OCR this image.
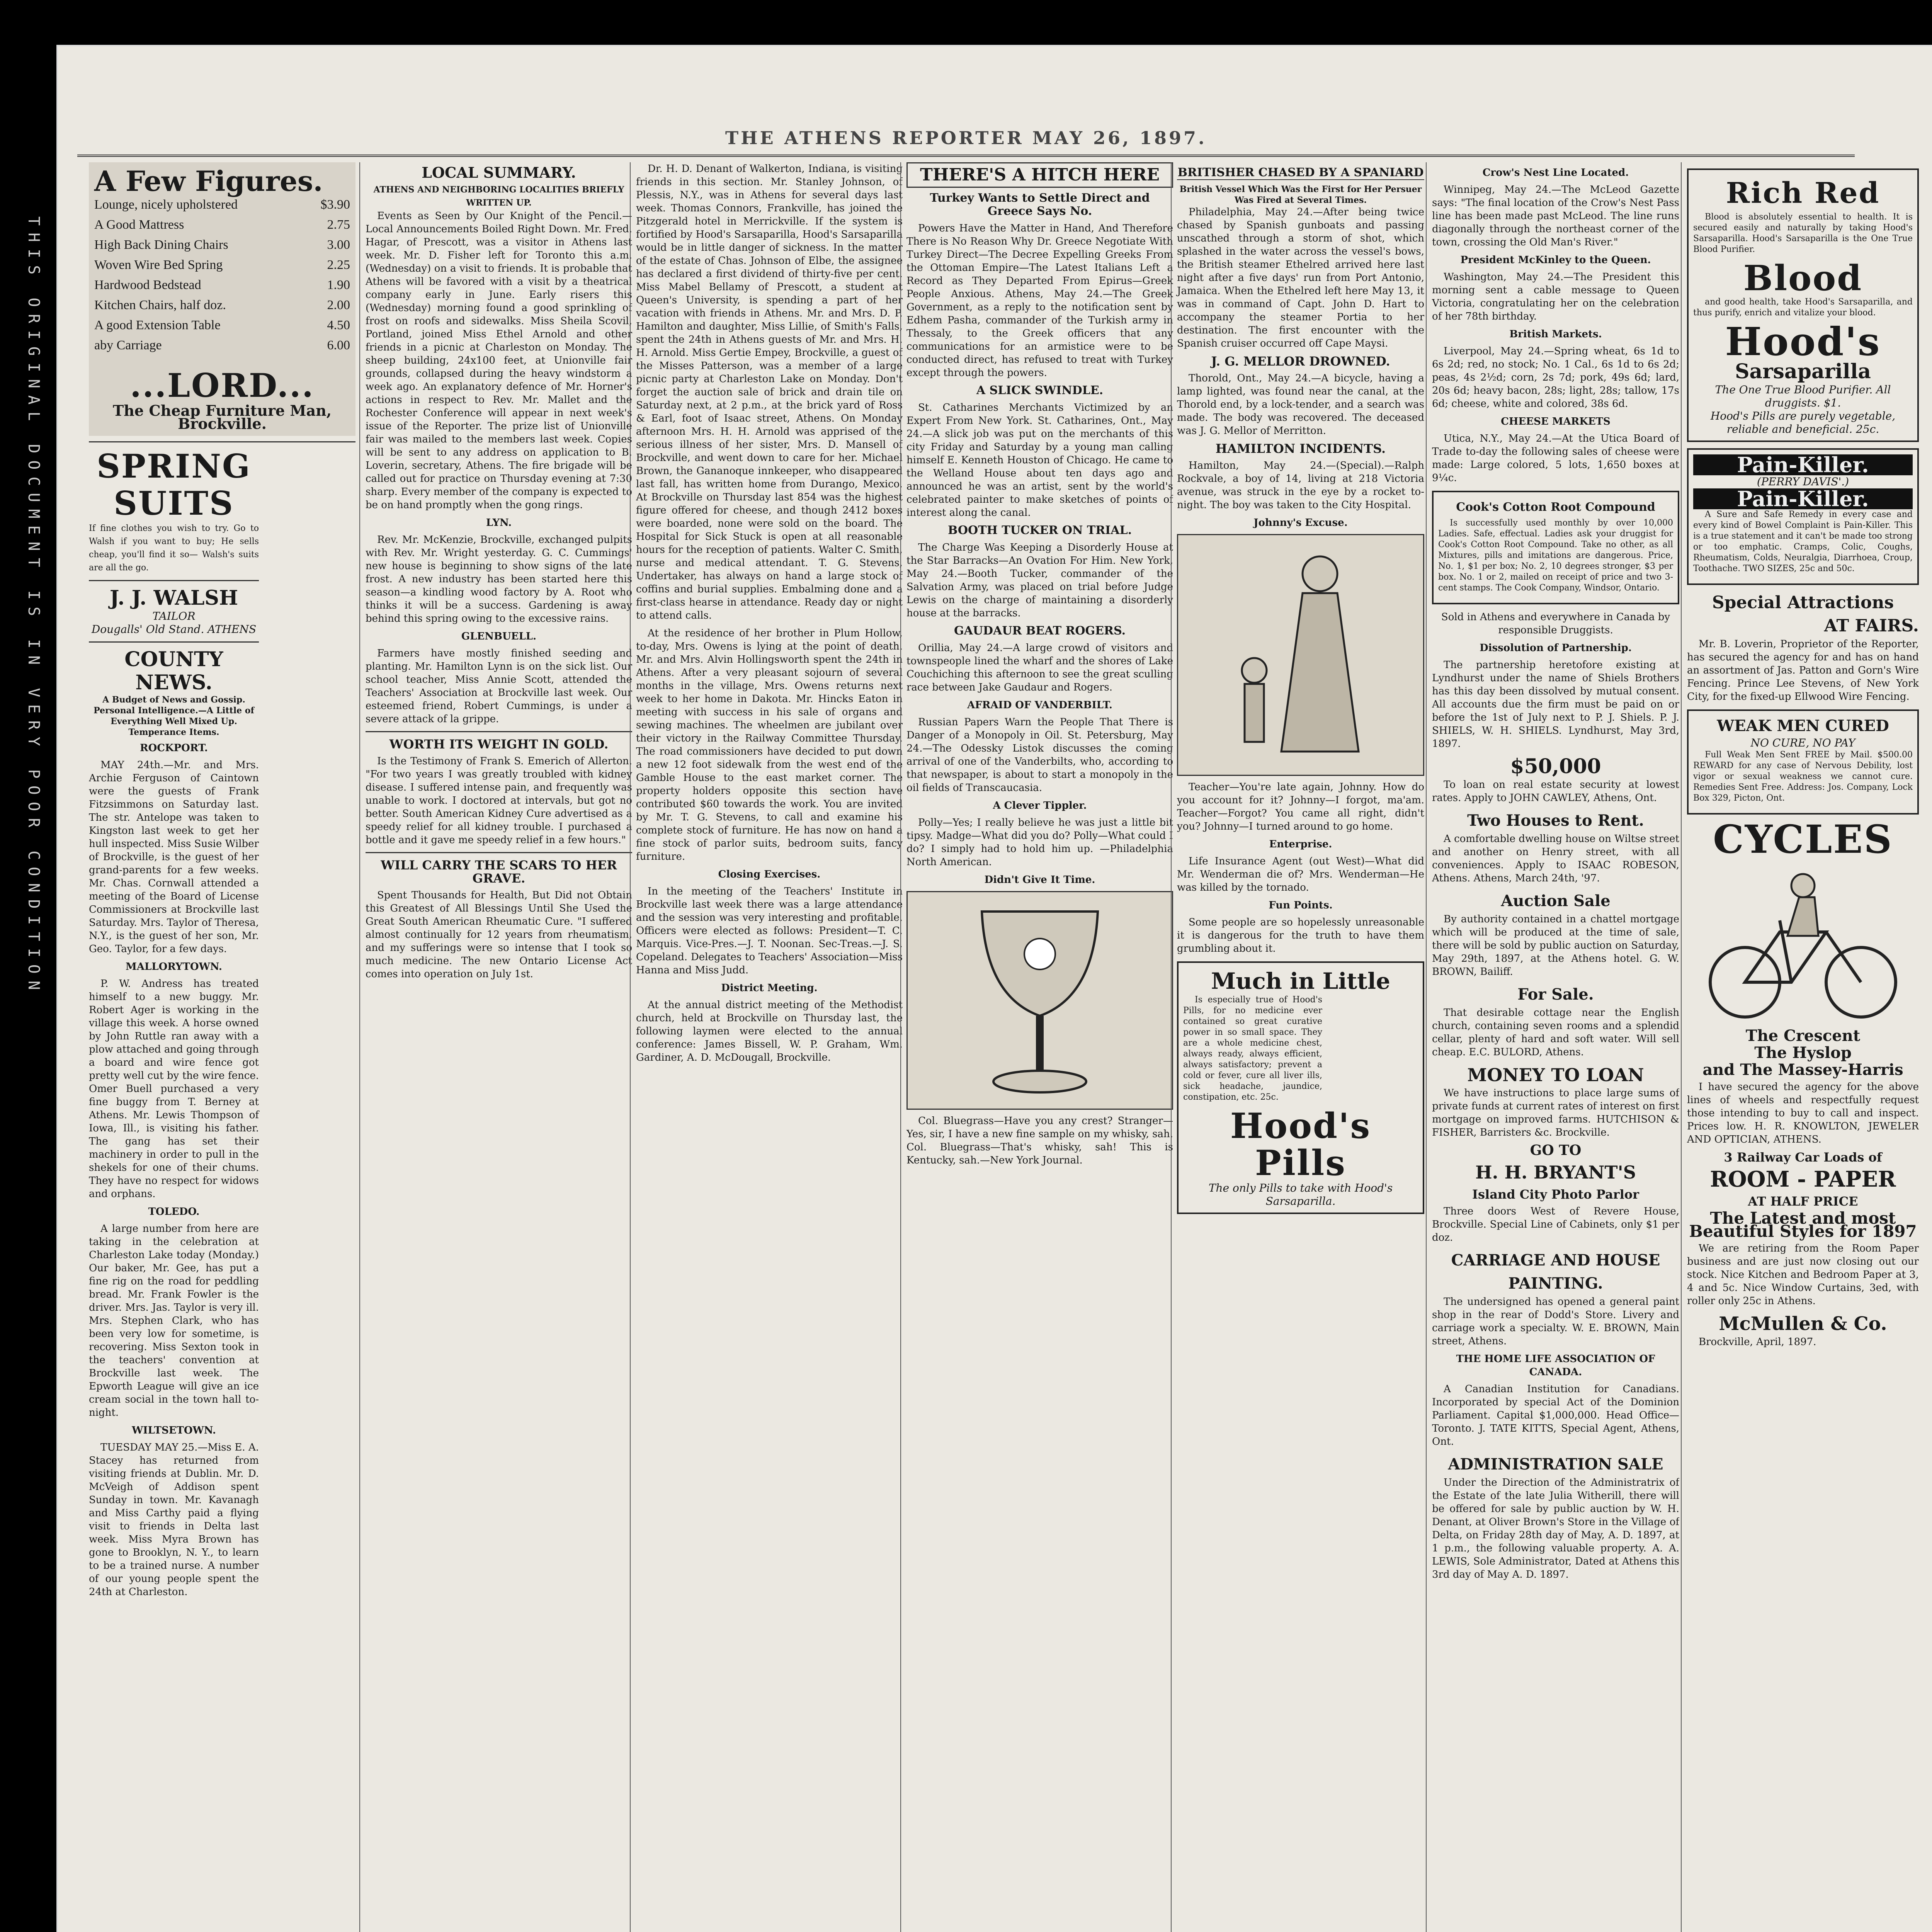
THIS ORIGINAL DOCUMENT IS IN VERY POOR CONDITION
THE ATHENS REPORTER MAY 26, 1897.
A Few Figures.
Lounge, nicely upholstered	$3.90
A Good Mattress	2.75
High Back Dining Chairs	3.00
Woven Wire Bed Spring	2.25
Hardwood Bedstead	1.90
Kitchen Chairs, half doz.	2.00
A good Extension Table	4.50
aby Carriage	6.00
...LORD...
The Cheap Furniture Man, Brockville.
SPRING
SUITS

If fine clothes you wish to try. Go to Walsh if you want to buy; He sells cheap, you'll find it so— Walsh's suits are all the go.

J. J. WALSH
TAILOR
Dougalls' Old Stand. ATHENS
COUNTY NEWS.
A Budget of News and Gossip. Personal Intelligence.—A Little of Everything Well Mixed Up. Temperance Items.
ROCKPORT.

MAY 24th.—Mr. and Mrs. Archie Ferguson of Caintown were the guests of Frank Fitzsimmons on Saturday last. The str. Antelope was taken to Kingston last week to get her hull inspected. Miss Susie Wilber of Brockville, is the guest of her grand-parents for a few weeks. Mr. Chas. Cornwall attended a meeting of the Board of License Commissioners at Brockville last Saturday. Mrs. Taylor of Theresa, N.Y., is the guest of her son, Mr. Geo. Taylor, for a few days.

MALLORYTOWN.

P. W. Andress has treated himself to a new buggy. Mr. Robert Ager is working in the village this week. A horse owned by John Ruttle ran away with a plow attached and going through a board and wire fence got pretty well cut by the wire fence. Omer Buell purchased a very fine buggy from T. Berney at Athens. Mr. Lewis Thompson of Iowa, Ill., is visiting his father. The gang has set their machinery in order to pull in the shekels for one of their chums. They have no respect for widows and orphans.

TOLEDO.

A large number from here are taking in the celebration at Charleston Lake today (Monday.) Our baker, Mr. Gee, has put a fine rig on the road for peddling bread. Mr. Frank Fowler is the driver. Mrs. Jas. Taylor is very ill. Mrs. Stephen Clark, who has been very low for sometime, is recovering. Miss Sexton took in the teachers' convention at Brockville last week. The Epworth League will give an ice cream social in the town hall to-night.

WILTSETOWN.

TUESDAY MAY 25.—Miss E. A. Stacey has returned from visiting friends at Dublin. Mr. D. McVeigh of Addison spent Sunday in town. Mr. Kavanagh and Miss Carthy paid a flying visit to friends in Delta last week. Miss Myra Brown has gone to Brooklyn, N. Y., to learn to be a trained nurse. A number of our young people spent the 24th at Charleston.

LOCAL SUMMARY.
ATHENS AND NEIGHBORING LOCALITIES BRIEFLY WRITTEN UP.

Events as Seen by Our Knight of the Pencil.—Local Announcements Boiled Right Down. Mr. Fred. Hagar, of Prescott, was a visitor in Athens last week. Mr. D. Fisher left for Toronto this a.m. (Wednesday) on a visit to friends. It is probable that Athens will be favored with a visit by a theatrical company early in June. Early risers this (Wednesday) morning found a good sprinkling of frost on roofs and sidewalks. Miss Sheila Scovil, Portland, joined Miss Ethel Arnold and other friends in a picnic at Charleston on Monday. The sheep building, 24x100 feet, at Unionville fair grounds, collapsed during the heavy windstorm a week ago. An explanatory defence of Mr. Horner's actions in respect to Rev. Mr. Mallet and the Rochester Conference will appear in next week's issue of the Reporter. The prize list of Unionville fair was mailed to the members last week. Copies will be sent to any address on application to B. Loverin, secretary, Athens. The fire brigade will be called out for practice on Thursday evening at 7:30 sharp. Every member of the company is expected to be on hand promptly when the gong rings.

LYN.

Rev. Mr. McKenzie, Brockville, exchanged pulpits with Rev. Mr. Wright yesterday. G. C. Cummings' new house is beginning to show signs of the late frost. A new industry has been started here this season—a kindling wood factory by A. Root who thinks it will be a success. Gardening is away behind this spring owing to the excessive rains.

GLENBUELL.

Farmers have mostly finished seeding and planting. Mr. Hamilton Lynn is on the sick list. Our school teacher, Miss Annie Scott, attended the Teachers' Association at Brockville last week. Our esteemed friend, Robert Cummings, is under a severe attack of la grippe.

WORTH ITS WEIGHT IN GOLD.

Is the Testimony of Frank S. Emerich of Allerton. "For two years I was greatly troubled with kidney disease. I suffered intense pain, and frequently was unable to work. I doctored at intervals, but got no better. South American Kidney Cure advertised as a speedy relief for all kidney trouble. I purchased a bottle and it gave me speedy relief in a few hours."

WILL CARRY THE SCARS TO HER GRAVE.

Spent Thousands for Health, But Did not Obtain this Greatest of All Blessings Until She Used the Great South American Rheumatic Cure. "I suffered almost continually for 12 years from rheumatism, and my sufferings were so intense that I took so much medicine. The new Ontario License Act comes into operation on July 1st.

Dr. H. D. Denant of Walkerton, Indiana, is visiting friends in this section. Mr. Stanley Johnson, of Plessis, N.Y., was in Athens for several days last week. Thomas Connors, Frankville, has joined the Pitzgerald hotel in Merrickville. If the system is fortified by Hood's Sarsaparilla, Hood's Sarsaparilla would be in little danger of sickness. In the matter of the estate of Chas. Johnson of Elbe, the assignee has declared a first dividend of thirty-five per cent. Miss Mabel Bellamy of Prescott, a student at Queen's University, is spending a part of her vacation with friends in Athens. Mr. and Mrs. D. P. Hamilton and daughter, Miss Lillie, of Smith's Falls, spent the 24th in Athens guests of Mr. and Mrs. H. H. Arnold. Miss Gertie Empey, Brockville, a guest of the Misses Patterson, was a member of a large picnic party at Charleston Lake on Monday. Don't forget the auction sale of brick and drain tile on Saturday next, at 2 p.m., at the brick yard of Ross & Earl, foot of Isaac street, Athens. On Monday afternoon Mrs. H. H. Arnold was apprised of the serious illness of her sister, Mrs. D. Mansell of Brockville, and went down to care for her. Michael Brown, the Gananoque innkeeper, who disappeared last fall, has written home from Durango, Mexico. At Brockville on Thursday last 854 was the highest figure offered for cheese, and though 2412 boxes were boarded, none were sold on the board. The Hospital for Sick Stuck is open at all reasonable hours for the reception of patients. Walter C. Smith, nurse and medical attendant. T. G. Stevens, Undertaker, has always on hand a large stock of coffins and burial supplies. Embalming done and a first-class hearse in attendance. Ready day or night to attend calls.

At the residence of her brother in Plum Hollow, to-day, Mrs. Owens is lying at the point of death. Mr. and Mrs. Alvin Hollingsworth spent the 24th in Athens. After a very pleasant sojourn of several months in the village, Mrs. Owens returns next week to her home in Dakota. Mr. Hincks Eaton in meeting with success in his sale of organs and sewing machines. The wheelmen are jubilant over their victory in the Railway Committee Thursday. The road commissioners have decided to put down a new 12 foot sidewalk from the west end of the Gamble House to the east market corner. The property holders opposite this section have contributed $60 towards the work. You are invited by Mr. T. G. Stevens, to call and examine his complete stock of furniture. He has now on hand a fine stock of parlor suits, bedroom suits, fancy furniture.

Closing Exercises.

In the meeting of the Teachers' Institute in Brockville last week there was a large attendance and the session was very interesting and profitable. Officers were elected as follows: President—T. C. Marquis. Vice-Pres.—J. T. Noonan. Sec-Treas.—J. S. Copeland. Delegates to Teachers' Association—Miss Hanna and Miss Judd.

District Meeting.

At the annual district meeting of the Methodist church, held at Brockville on Thursday last, the following laymen were elected to the annual conference: James Bissell, W. P. Graham, Wm. Gardiner, A. D. McDougall, Brockville.

THERE'S A HITCH HERE
Turkey Wants to Settle Direct and Greece Says No.

Powers Have the Matter in Hand, And Therefore There is No Reason Why Dr. Greece Negotiate With Turkey Direct—The Decree Expelling Greeks From the Ottoman Empire—The Latest Italians Left a Record as They Departed From Epirus—Greek People Anxious. Athens, May 24.—The Greek Government, as a reply to the notification sent by Edhem Pasha, commander of the Turkish army in Thessaly, to the Greek officers that any communications for an armistice were to be conducted direct, has refused to treat with Turkey except through the powers.

A SLICK SWINDLE.

St. Catharines Merchants Victimized by an Expert From New York. St. Catharines, Ont., May 24.—A slick job was put on the merchants of this city Friday and Saturday by a young man calling himself E. Kenneth Houston of Chicago. He came to the Welland House about ten days ago and announced he was an artist, sent by the world's celebrated painter to make sketches of points of interest along the canal.

BOOTH TUCKER ON TRIAL.

The Charge Was Keeping a Disorderly House at the Star Barracks—An Ovation For Him. New York, May 24.—Booth Tucker, commander of the Salvation Army, was placed on trial before Judge Lewis on the charge of maintaining a disorderly house at the barracks.

GAUDAUR BEAT ROGERS.

Orillia, May 24.—A large crowd of visitors and townspeople lined the wharf and the shores of Lake Couchiching this afternoon to see the great sculling race between Jake Gaudaur and Rogers.

AFRAID OF VANDERBILT.

Russian Papers Warn the People That There is Danger of a Monopoly in Oil. St. Petersburg, May 24.—The Odessky Listok discusses the coming arrival of one of the Vanderbilts, who, according to that newspaper, is about to start a monopoly in the oil fields of Transcaucasia.

A Clever Tippler.

Polly—Yes; I really believe he was just a little bit tipsy. Madge—What did you do? Polly—What could I do? I simply had to hold him up. —Philadelphia North American.

Didn't Give It Time.

Col. Bluegrass—Have you any crest? Stranger—Yes, sir, I have a new fine sample on my whisky, sah. Col. Bluegrass—That's whisky, sah! This is Kentucky, sah.—New York Journal.

BRITISHER CHASED BY A SPANIARD
British Vessel Which Was the First for Her Persuer Was Fired at Several Times.

Philadelphia, May 24.—After being twice chased by Spanish gunboats and passing unscathed through a storm of shot, which splashed in the water across the vessel's bows, the British steamer Ethelred arrived here last night after a five days' run from Port Antonio, Jamaica. When the Ethelred left here May 13, it was in command of Capt. John D. Hart to accompany the steamer Portia to her destination. The first encounter with the Spanish cruiser occurred off Cape Maysi.

J. G. MELLOR DROWNED.

Thorold, Ont., May 24.—A bicycle, having a lamp lighted, was found near the canal, at the Thorold end, by a lock-tender, and a search was made. The body was recovered. The deceased was J. G. Mellor of Merritton.

HAMILTON INCIDENTS.

Hamilton, May 24.—(Special).—Ralph Rockvale, a boy of 14, living at 218 Victoria avenue, was struck in the eye by a rocket to-night. The boy was taken to the City Hospital.

Johnny's Excuse.

Teacher—You're late again, Johnny. How do you account for it? Johnny—I forgot, ma'am. Teacher—Forgot? You came all right, didn't you? Johnny—I turned around to go home.

Enterprise.

Life Insurance Agent (out West)—What did Mr. Wenderman die of? Mrs. Wenderman—He was killed by the tornado.

Fun Points.

Some people are so hopelessly unreasonable it is dangerous for the truth to have them grumbling about it.

Much in Little

Is especially true of Hood's Pills, for no medicine ever contained so great curative power in so small space. They are a whole medicine chest, always ready, always efficient, always satisfactory; prevent a cold or fever, cure all liver ills, sick headache, jaundice, constipation, etc. 25c.

Hood's
Pills
The only Pills to take with Hood's Sarsaparilla.
Crow's Nest Line Located.

Winnipeg, May 24.—The McLeod Gazette says: "The final location of the Crow's Nest Pass line has been made past McLeod. The line runs diagonally through the northeast corner of the town, crossing the Old Man's River."

President McKinley to the Queen.

Washington, May 24.—The President this morning sent a cable message to Queen Victoria, congratulating her on the celebration of her 78th birthday.

British Markets.

Liverpool, May 24.—Spring wheat, 6s 1d to 6s 2d; red, no stock; No. 1 Cal., 6s 1d to 6s 2d; peas, 4s 2½d; corn, 2s 7d; pork, 49s 6d; lard, 20s 6d; heavy bacon, 28s; light, 28s; tallow, 17s 6d; cheese, white and colored, 38s 6d.

CHEESE MARKETS

Utica, N.Y., May 24.—At the Utica Board of Trade to-day the following sales of cheese were made: Large colored, 5 lots, 1,650 boxes at 9¼c.

Cook's Cotton Root Compound

Is successfully used monthly by over 10,000 Ladies. Safe, effectual. Ladies ask your druggist for Cook's Cotton Root Compound. Take no other, as all Mixtures, pills and imitations are dangerous. Price, No. 1, $1 per box; No. 2, 10 degrees stronger, $3 per box. No. 1 or 2, mailed on receipt of price and two 3-cent stamps. The Cook Company, Windsor, Ontario.

Sold in Athens and everywhere in Canada by responsible Druggists.

Dissolution of Partnership.

The partnership heretofore existing at Lyndhurst under the name of Shiels Brothers has this day been dissolved by mutual consent. All accounts due the firm must be paid on or before the 1st of July next to P. J. Shiels. P. J. SHIELS, W. H. SHIELS. Lyndhurst, May 3rd, 1897.

$50,000

To loan on real estate security at lowest rates. Apply to JOHN CAWLEY, Athens, Ont.

Two Houses to Rent.

A comfortable dwelling house on Wiltse street and another on Henry street, with all conveniences. Apply to ISAAC ROBESON, Athens. Athens, March 24th, '97.

Auction Sale

By authority contained in a chattel mortgage which will be produced at the time of sale, there will be sold by public auction on Saturday, May 29th, 1897, at the Athens hotel. G. W. BROWN, Bailiff.

For Sale.

That desirable cottage near the English church, containing seven rooms and a splendid cellar, plenty of hard and soft water. Will sell cheap. E.C. BULORD, Athens.

MONEY TO LOAN

We have instructions to place large sums of private funds at current rates of interest on first mortgage on improved farms. HUTCHISON & FISHER, Barristers &c. Brockville.

GO TO
H. H. BRYANT'S
Island City Photo Parlor

Three doors West of Revere House, Brockville. Special Line of Cabinets, only $1 per doz.

CARRIAGE AND HOUSE PAINTING.

The undersigned has opened a general paint shop in the rear of Dodd's Store. Livery and carriage work a specialty. W. E. BROWN, Main street, Athens.

THE HOME LIFE ASSOCIATION OF CANADA.

A Canadian Institution for Canadians. Incorporated by special Act of the Dominion Parliament. Capital $1,000,000. Head Office—Toronto. J. TATE KITTS, Special Agent, Athens, Ont.

ADMINISTRATION SALE

Under the Direction of the Administratrix of the Estate of the late Julia Witherill, there will be offered for sale by public auction by W. H. Denant, at Oliver Brown's Store in the Village of Delta, on Friday 28th day of May, A. D. 1897, at 1 p.m., the following valuable property. A. A. LEWIS, Sole Administrator, Dated at Athens this 3rd day of May A. D. 1897.

Rich Red

Blood is absolutely essential to health. It is secured easily and naturally by taking Hood's Sarsaparilla. Hood's Sarsaparilla is the One True Blood Purifier.

Blood

and good health, take Hood's Sarsaparilla, and thus purify, enrich and vitalize your blood.

Hood's
Sarsaparilla
The One True Blood Purifier. All druggists. $1.
Hood's Pills are purely vegetable, reliable and beneficial. 25c.
Pain-Killer.
(PERRY DAVIS'.)
Pain-Killer.

A Sure and Safe Remedy in every case and every kind of Bowel Complaint is Pain-Killer. This is a true statement and it can't be made too strong or too emphatic. Cramps, Colic, Coughs, Rheumatism, Colds, Neuralgia, Diarrhoea, Croup, Toothache. TWO SIZES, 25c and 50c.

Special Attractions
AT FAIRS.

Mr. B. Loverin, Proprietor of the Reporter, has secured the agency for and has on hand an assortment of Jas. Patton and Gorn's Wire Fencing. Prince Lee Stevens, of New York City, for the fixed-up Ellwood Wire Fencing.

WEAK MEN CURED
NO CURE, NO PAY

Full Weak Men Sent FREE by Mail. $500.00 REWARD for any case of Nervous Debility, lost vigor or sexual weakness we cannot cure. Remedies Sent Free. Address: Jos. Company, Lock Box 329, Picton, Ont.

CYCLES
The Crescent
The Hyslop
and The Massey-Harris

I have secured the agency for the above lines of wheels and respectfully request those intending to buy to call and inspect. Prices low. H. R. KNOWLTON, JEWELER AND OPTICIAN, ATHENS.

3 Railway Car Loads of
ROOM - PAPER
AT HALF PRICE
The Latest and most Beautiful Styles for 1897

We are retiring from the Room Paper business and are just now closing out our stock. Nice Kitchen and Bedroom Paper at 3, 4 and 5c. Nice Window Curtains, 3ed, with roller only 25c in Athens.

McMullen & Co.

Brockville, April, 1897.
